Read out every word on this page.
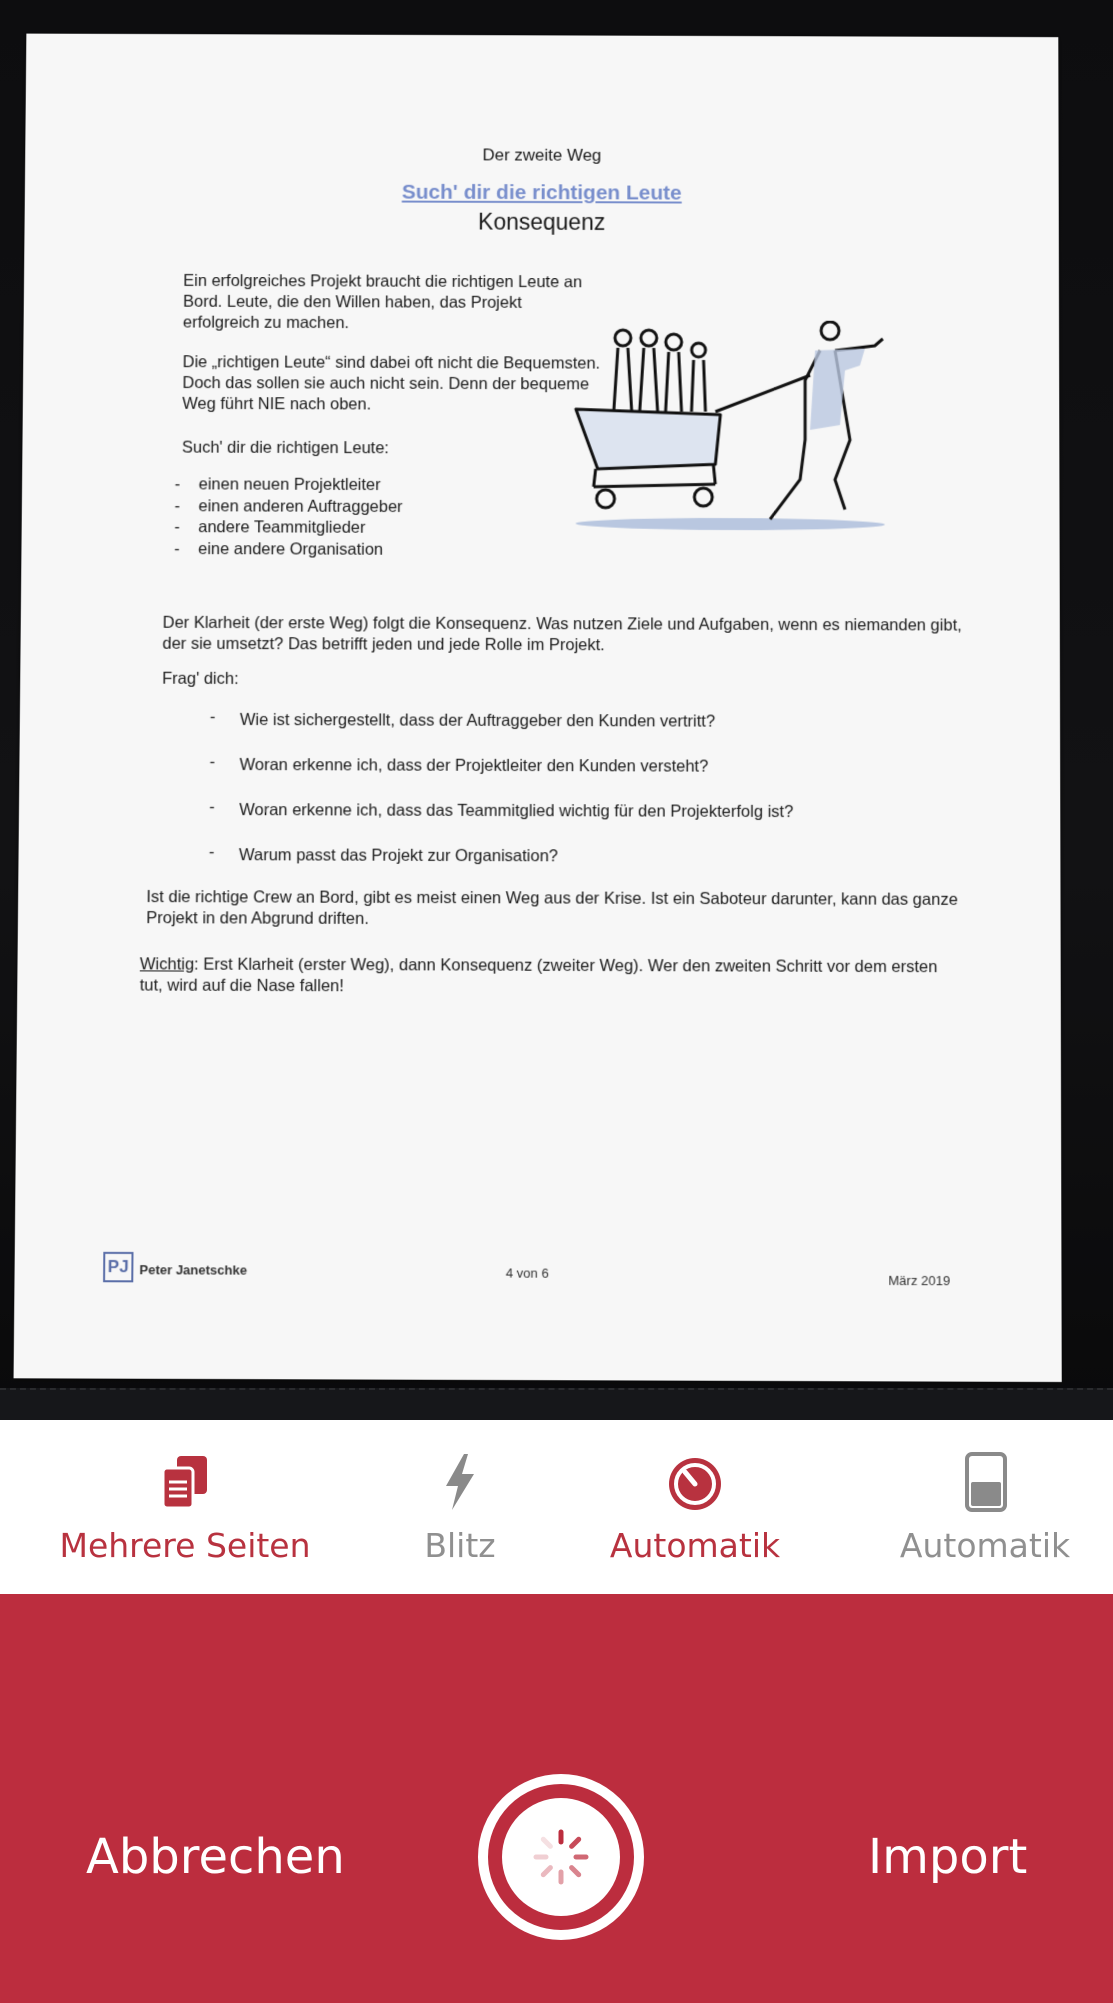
Der zweite Weg
Such' dir die richtigen Leute
Konsequenz
Ein erfolgreiches Projekt braucht die richtigen Leute an Bord. Leute, die den Willen haben, das Projekt erfolgreich zu machen.
Die „richtigen Leute“ sind dabei oft nicht die Bequemsten. Doch das sollen sie auch nicht sein. Denn der bequeme Weg führt NIE nach oben.
Such' dir die richtigen Leute:
- einen neuen Projektleiter
- einen anderen Auftraggeber
- andere Teammitglieder
- eine andere Organisation
Der Klarheit (der erste Weg) folgt die Konsequenz. Was nutzen Ziele und Aufgaben, wenn es niemanden gibt, der sie umsetzt? Das betrifft jeden und jede Rolle im Projekt.
Frag' dich:
- Wie ist sichergestellt, dass der Auftraggeber den Kunden vertritt?
- Woran erkenne ich, dass der Projektleiter den Kunden versteht?
- Woran erkenne ich, dass das Teammitglied wichtig für den Projekterfolg ist?
- Warum passt das Projekt zur Organisation?
Ist die richtige Crew an Bord, gibt es meist einen Weg aus der Krise. Ist ein Saboteur darunter, kann das ganze Projekt in den Abgrund driften.
Wichtig: Erst Klarheit (erster Weg), dann Konsequenz (zweiter Weg). Wer den zweiten Schritt vor dem ersten tut, wird auf die Nase fallen!
PJ Peter Janetschke	4 von 6	März 2019
Mehrere Seiten	Blitz	Automatik	Automatik
Abbrechen	Import
